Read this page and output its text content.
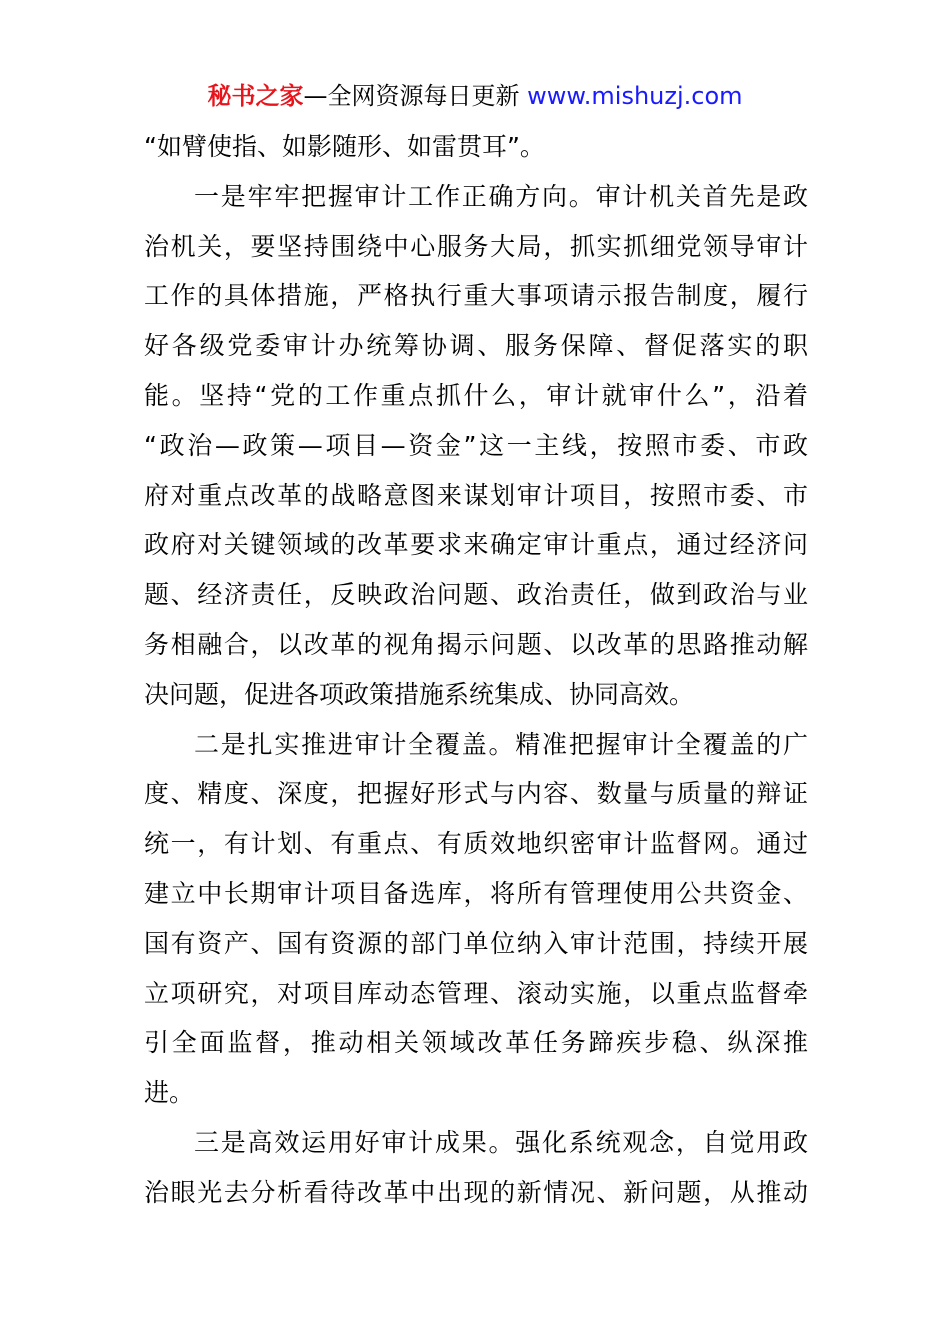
秘书之家—全网资源每日更新 www.mishuzj.com
“如臂使指、如影随形、如雷贯耳”。
一是牢牢把握审计工作正确方向。审计机关首先是政
治机关，要坚持围绕中心服务大局，抓实抓细党领导审计
工作的具体措施，严格执行重大事项请示报告制度，履行
好各级党委审计办统筹协调、服务保障、督促落实的职
能。坚持“党的工作重点抓什么，审计就审什么”，沿着
“政治—政策—项目—资金”这一主线，按照市委、市政
府对重点改革的战略意图来谋划审计项目，按照市委、市
政府对关键领域的改革要求来确定审计重点，通过经济问
题、经济责任，反映政治问题、政治责任，做到政治与业
务相融合，以改革的视角揭示问题、以改革的思路推动解
决问题，促进各项政策措施系统集成、协同高效。
二是扎实推进审计全覆盖。精准把握审计全覆盖的广
度、精度、深度，把握好形式与内容、数量与质量的辩证
统一，有计划、有重点、有质效地织密审计监督网。通过
建立中长期审计项目备选库，将所有管理使用公共资金、
国有资产、国有资源的部门单位纳入审计范围，持续开展
立项研究，对项目库动态管理、滚动实施，以重点监督牵
引全面监督，推动相关领域改革任务蹄疾步稳、纵深推
进。
三是高效运用好审计成果。强化系统观念，自觉用政
治眼光去分析看待改革中出现的新情况、新问题，从推动
